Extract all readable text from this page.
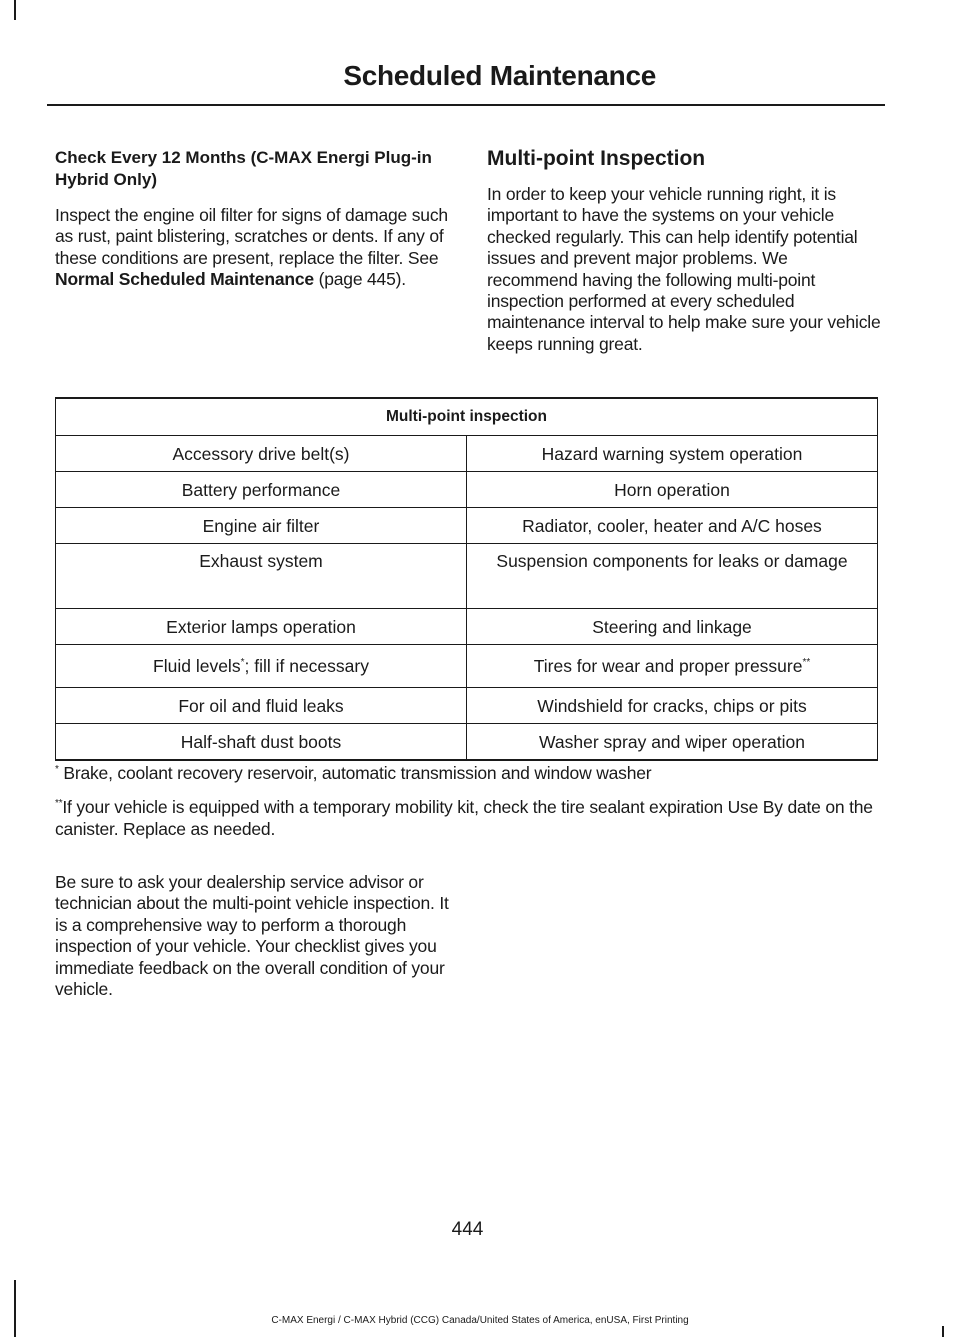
Scheduled Maintenance

Check Every 12 Months (C-MAX Energi Plug-in Hybrid Only)

Inspect the engine oil filter for signs of damage such as rust, paint blistering, scratches or dents. If any of these conditions are present, replace the filter. See Normal Scheduled Maintenance (page 445).

Multi-point Inspection

In order to keep your vehicle running right, it is important to have the systems on your vehicle checked regularly. This can help identify potential issues and prevent major problems. We recommend having the following multi-point inspection performed at every scheduled maintenance interval to help make sure your vehicle keeps running great.

Multi-point inspection	
Accessory drive belt(s)	Hazard warning system operation
Battery performance	Horn operation
Engine air filter	Radiator, cooler, heater and A/C hoses
Exhaust system	Suspension components for leaks or damage
Exterior lamps operation	Steering and linkage
Fluid levels*; fill if necessary	Tires for wear and proper pressure**
For oil and fluid leaks	Windshield for cracks, chips or pits
Half-shaft dust boots	Washer spray and wiper operation

* Brake, coolant recovery reservoir, automatic transmission and window washer

**If your vehicle is equipped with a temporary mobility kit, check the tire sealant expiration Use By date on the canister. Replace as needed.

Be sure to ask your dealership service advisor or technician about the multi-point vehicle inspection. It is a comprehensive way to perform a thorough inspection of your vehicle. Your checklist gives you immediate feedback on the overall condition of your vehicle.

444
C-MAX Energi / C-MAX Hybrid (CCG) Canada/United States of America, enUSA, First Printing
